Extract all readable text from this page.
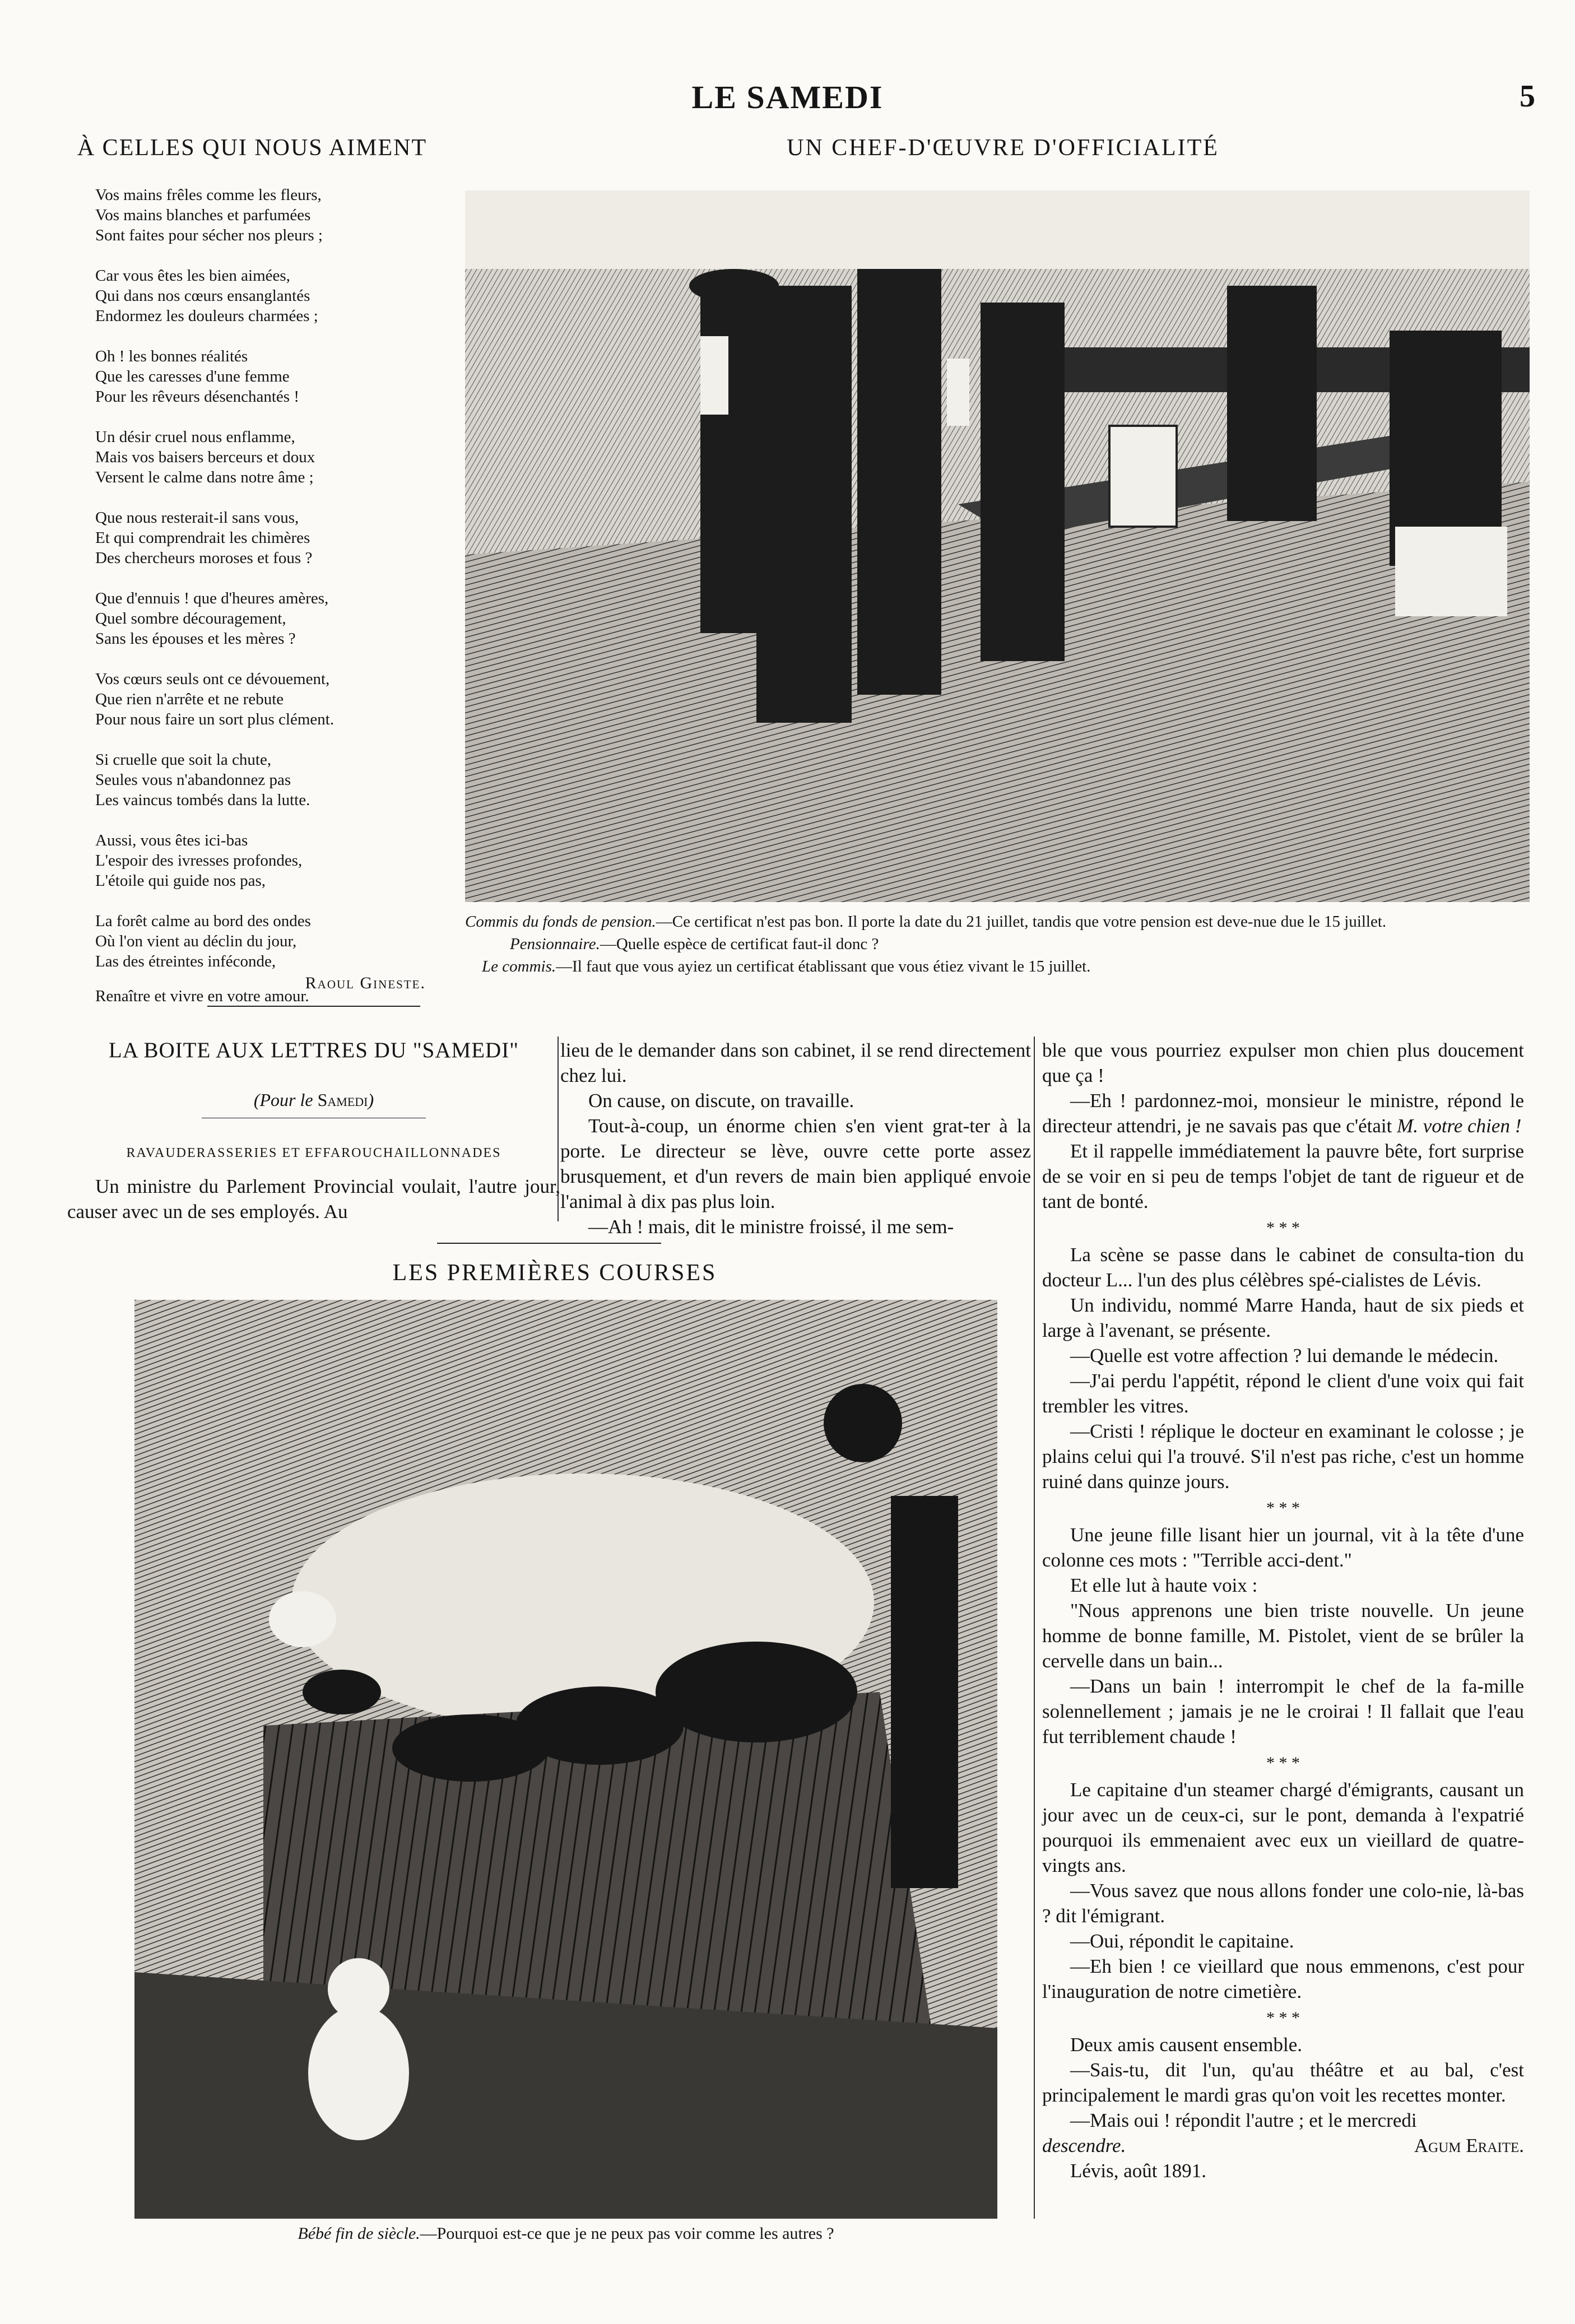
LE SAMEDI	5
À CELLES QUI NOUS AIMENT
Vos mains frêles comme les fleurs,
Vos mains blanches et parfumées
Sont faites pour sécher nos pleurs ;
Car vous êtes les bien aimées,
Qui dans nos cœurs ensanglantés
Endormez les douleurs charmées ;
Oh ! les bonnes réalités
Que les caresses d'une femme
Pour les rêveurs désenchantés !
Un désir cruel nous enflamme,
Mais vos baisers berceurs et doux
Versent le calme dans notre âme ;
Que nous resterait-il sans vous,
Et qui comprendrait les chimères
Des chercheurs moroses et fous ?
Que d'ennuis ! que d'heures amères,
Quel sombre découragement,
Sans les épouses et les mères ?
Vos cœurs seuls ont ce dévouement,
Que rien n'arrête et ne rebute
Pour nous faire un sort plus clément.
Si cruelle que soit la chute,
Seules vous n'abandonnez pas
Les vaincus tombés dans la lutte.
Aussi, vous êtes ici-bas
L'espoir des ivresses profondes,
L'étoile qui guide nos pas,
La forêt calme au bord des ondes
Où l'on vient au déclin du jour,
Las des étreintes inféconde,
Renaître et vivre en votre amour.
Raoul Gineste.
UN CHEF-D'ŒUVRE D'OFFICIALITÉ
Commis du fonds de pension.—Ce certificat n'est pas bon. Il porte la date du 21 juillet, tandis que votre pension est deve-nue due le 15 juillet.
Pensionnaire.—Quelle espèce de certificat faut-il donc ?
Le commis.—Il faut que vous ayiez un certificat établissant que vous étiez vivant le 15 juillet.
LA BOITE AUX LETTRES DU "SAMEDI"
(Pour le Samedi)
RAVAUDERASSERIES ET EFFAROUCHAILLONNADES

Un ministre du Parlement Provincial voulait, l'autre jour, causer avec un de ses employés. Au

lieu de le demander dans son cabinet, il se rend directement chez lui.

On cause, on discute, on travaille.

Tout-à-coup, un énorme chien s'en vient grat-ter à la porte. Le directeur se lève, ouvre cette porte assez brusquement, et d'un revers de main bien appliqué envoie l'animal à dix pas plus loin.

—Ah ! mais, dit le ministre froissé, il me sem-

ble que vous pourriez expulser mon chien plus doucement que ça !

—Eh ! pardonnez-moi, monsieur le ministre, répond le directeur attendri, je ne savais pas que c'était M. votre chien !

Et il rappelle immédiatement la pauvre bête, fort surprise de se voir en si peu de temps l'objet de tant de rigueur et de tant de bonté.

* * *

La scène se passe dans le cabinet de consulta-tion du docteur L... l'un des plus célèbres spé-cialistes de Lévis.

Un individu, nommé Marre Handa, haut de six pieds et large à l'avenant, se présente.

—Quelle est votre affection ? lui demande le médecin.

—J'ai perdu l'appétit, répond le client d'une voix qui fait trembler les vitres.

—Cristi ! réplique le docteur en examinant le colosse ; je plains celui qui l'a trouvé. S'il n'est pas riche, c'est un homme ruiné dans quinze jours.

* * *

Une jeune fille lisant hier un journal, vit à la tête d'une colonne ces mots : "Terrible acci-dent."

Et elle lut à haute voix :

"Nous apprenons une bien triste nouvelle. Un jeune homme de bonne famille, M. Pistolet, vient de se brûler la cervelle dans un bain...

—Dans un bain ! interrompit le chef de la fa-mille solennellement ; jamais je ne le croirai ! Il fallait que l'eau fut terriblement chaude !

* * *

Le capitaine d'un steamer chargé d'émigrants, causant un jour avec un de ceux-ci, sur le pont, demanda à l'expatrié pourquoi ils emmenaient avec eux un vieillard de quatre-vingts ans.

—Vous savez que nous allons fonder une colo-nie, là-bas ? dit l'émigrant.

—Oui, répondit le capitaine.

—Eh bien ! ce vieillard que nous emmenons, c'est pour l'inauguration de notre cimetière.

* * *

Deux amis causent ensemble.

—Sais-tu, dit l'un, qu'au théâtre et au bal, c'est principalement le mardi gras qu'on voit les recettes monter.

—Mais oui ! répondit l'autre ; et le mercredi

descendre.	Agum Eraite.

Lévis, août 1891.

LES PREMIÈRES COURSES
Bébé fin de siècle.—Pourquoi est-ce que je ne peux pas voir comme les autres ?
